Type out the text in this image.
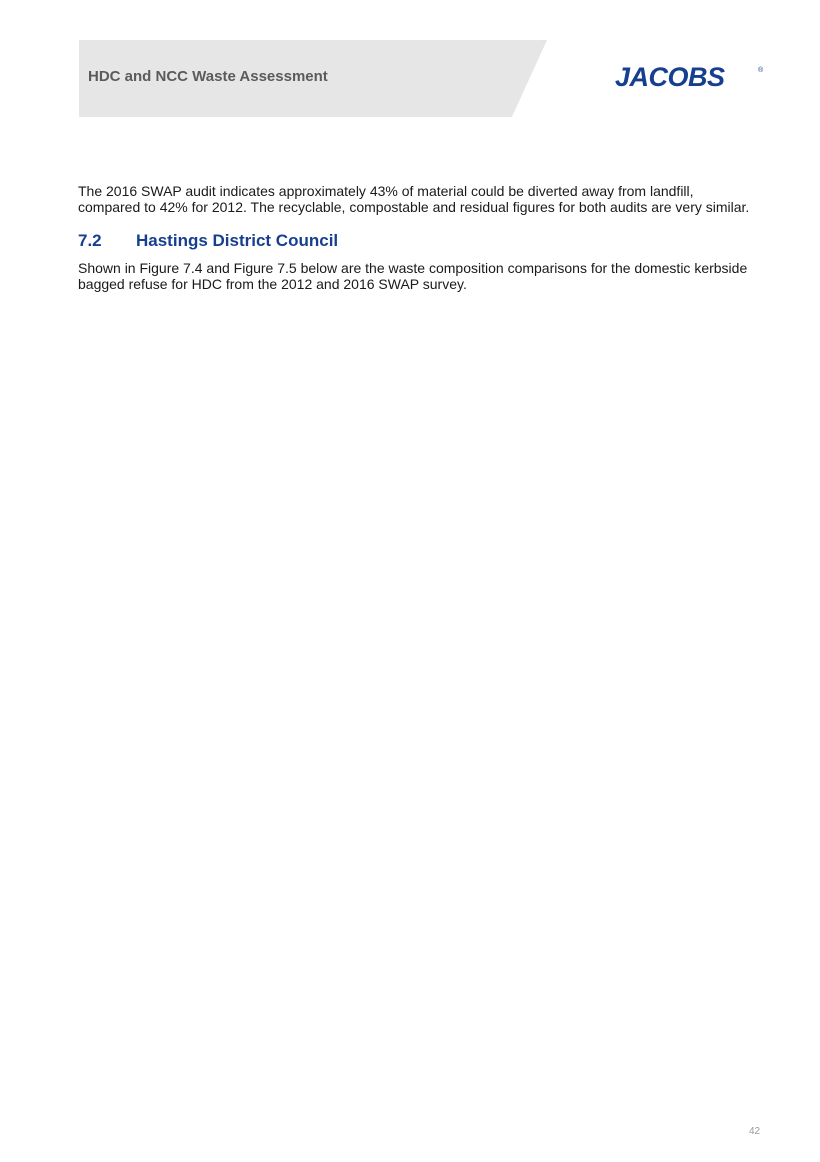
HDC and NCC Waste Assessment	JACOBS	®

The 2016 SWAP audit indicates approximately 43% of material could be diverted away from landfill, compared to 42% for 2012. The recyclable, compostable and residual figures for both audits are very similar.

7.2 Hastings District Council

Shown in Figure 7.4 and Figure 7.5 below are the waste composition comparisons for the domestic kerbside bagged refuse for HDC from the 2012 and 2016 SWAP survey.

42
